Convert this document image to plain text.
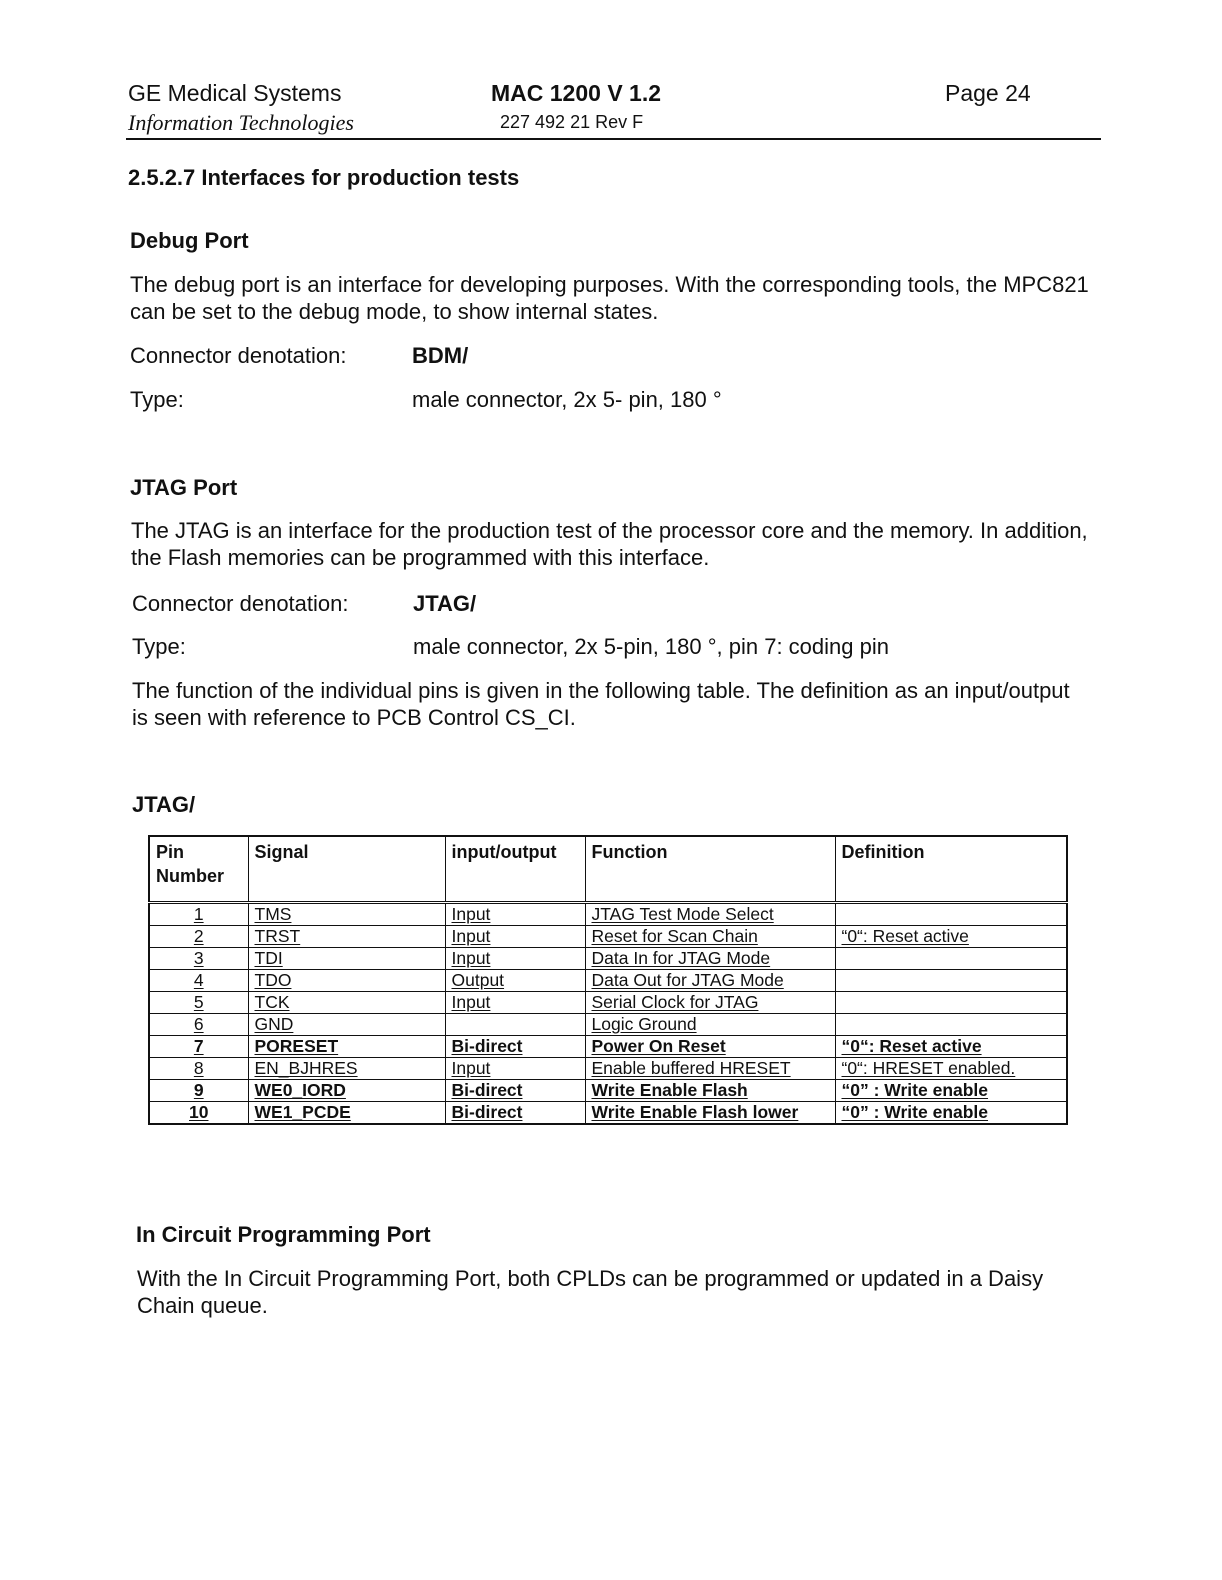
GE Medical Systems
Information Technologies
MAC 1200 V 1.2
227 492 21 Rev F
Page 24
2.5.2.7 Interfaces for production tests
Debug Port
The debug port is an interface for developing purposes. With the corresponding tools, the MPC821 can be set to the debug mode, to show internal states.
Connector denotation:	BDM/
Type:	male connector, 2x 5- pin, 180 °
JTAG Port
The JTAG is an interface for the production test of the processor core and the memory. In addition, the Flash memories can be programmed with this interface.
Connector denotation:	JTAG/
Type:	male connector, 2x 5-pin, 180 °, pin 7: coding pin
The function of the individual pins is given in the following table. The definition as an input/output is seen with reference to PCB Control CS_CI.
JTAG/
Pin Number	Signal	input/output	Function	Definition
1	TMS	Input	JTAG Test Mode Select	
2	TRST	Input	Reset for Scan Chain	“0“: Reset active
3	TDI	Input	Data In for JTAG Mode	
4	TDO	Output	Data Out for JTAG Mode	
5	TCK	Input	Serial Clock for JTAG	
6	GND		Logic Ground	
7	PORESET	Bi-direct	Power On Reset	“0“: Reset active
8	EN_BJHRES	Input	Enable buffered HRESET	“0“: HRESET enabled.
9	WE0_IORD	Bi-direct	Write Enable Flash	“0” : Write enable
10	WE1_PCDE	Bi-direct	Write Enable Flash lower	“0” : Write enable
In Circuit Programming Port
With the In Circuit Programming Port, both CPLDs can be programmed or updated in a Daisy Chain queue.
